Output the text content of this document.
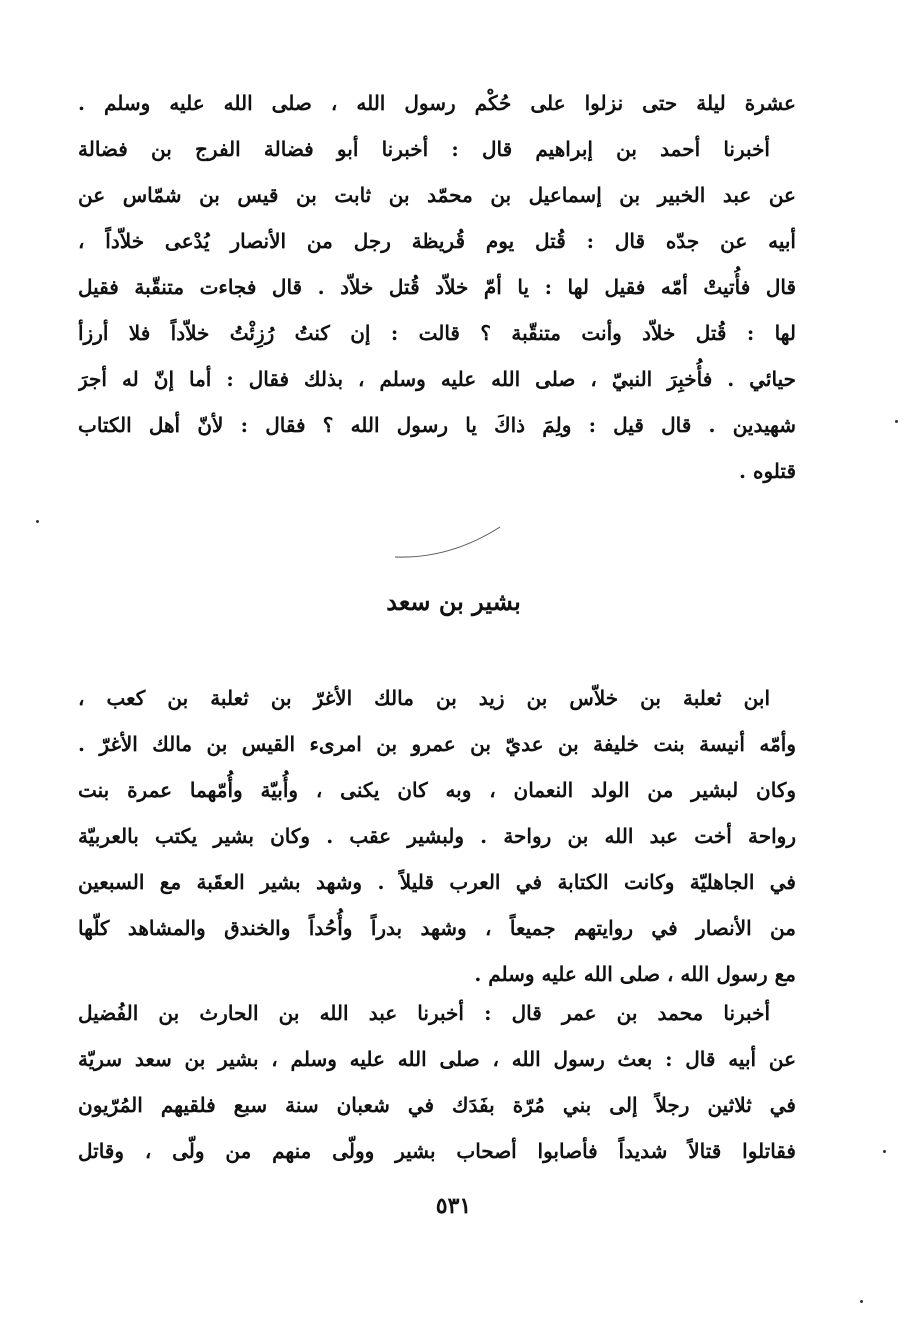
عشرة ليلة حتى نزلوا على حُكْم رسول الله ، صلى الله عليه وسلم .
أخبرنا أحمد بن إبراهيم قال : أخبرنا أبو فضالة الفرج بن فضالة
عن عبد الخبير بن إسماعيل بن محمّد بن ثابت بن قيس بن شمّاس عن
أبيه عن جدّه قال : قُتل يوم قُريظة رجل من الأنصار يُدْعى خلاّداً ،
قال فأُتيتْ أمّه فقيل لها : يا أمّ خلاّد قُتل خلاّد . قال فجاءت متنقّبة فقيل
لها : قُتل خلاّد وأنت متنقّبة ؟ قالت : إن كنتُ رُزِئْتُ خلاّداً فلا أرزأ
حيائي . فأُخبِرَ النبيّ ، صلى الله عليه وسلم ، بذلك فقال : أما إنّ له أجرَ
شهيدين . قال قيل : ولِمَ ذاكَ يا رسول الله ؟ فقال : لأنّ أهل الكتاب
قتلوه .
بشير بن سعد
ابن ثعلبة بن خلاّس بن زيد بن مالك الأغرّ بن ثعلبة بن كعب ،
وأمّه أنيسة بنت خليفة بن عديّ بن عمرو بن امرىء القيس بن مالك الأغرّ .
وكان لبشير من الولد النعمان ، وبه كان يكنى ، وأُبيّة وأُمّهما عمرة بنت
رواحة أخت عبد الله بن رواحة . ولبشير عقب . وكان بشير يكتب بالعربيّة
في الجاهليّة وكانت الكتابة في العرب قليلاً . وشهد بشير العقَبة مع السبعين
من الأنصار في روايتهم جميعاً ، وشهد بدراً وأُحُداً والخندق والمشاهد كلّها
مع رسول الله ، صلى الله عليه وسلم .
أخبرنا محمد بن عمر قال : أخبرنا عبد الله بن الحارث بن الفُضيل
عن أبيه قال : بعث رسول الله ، صلى الله عليه وسلم ، بشير بن سعد سريّة
في ثلاثين رجلاً إلى بني مُرّة بفَدَك في شعبان سنة سبع فلقيهم المُرّيون
فقاتلوا قتالاً شديداً فأصابوا أصحاب بشير وولّى منهم من ولّى ، وقاتل
٥٣١
